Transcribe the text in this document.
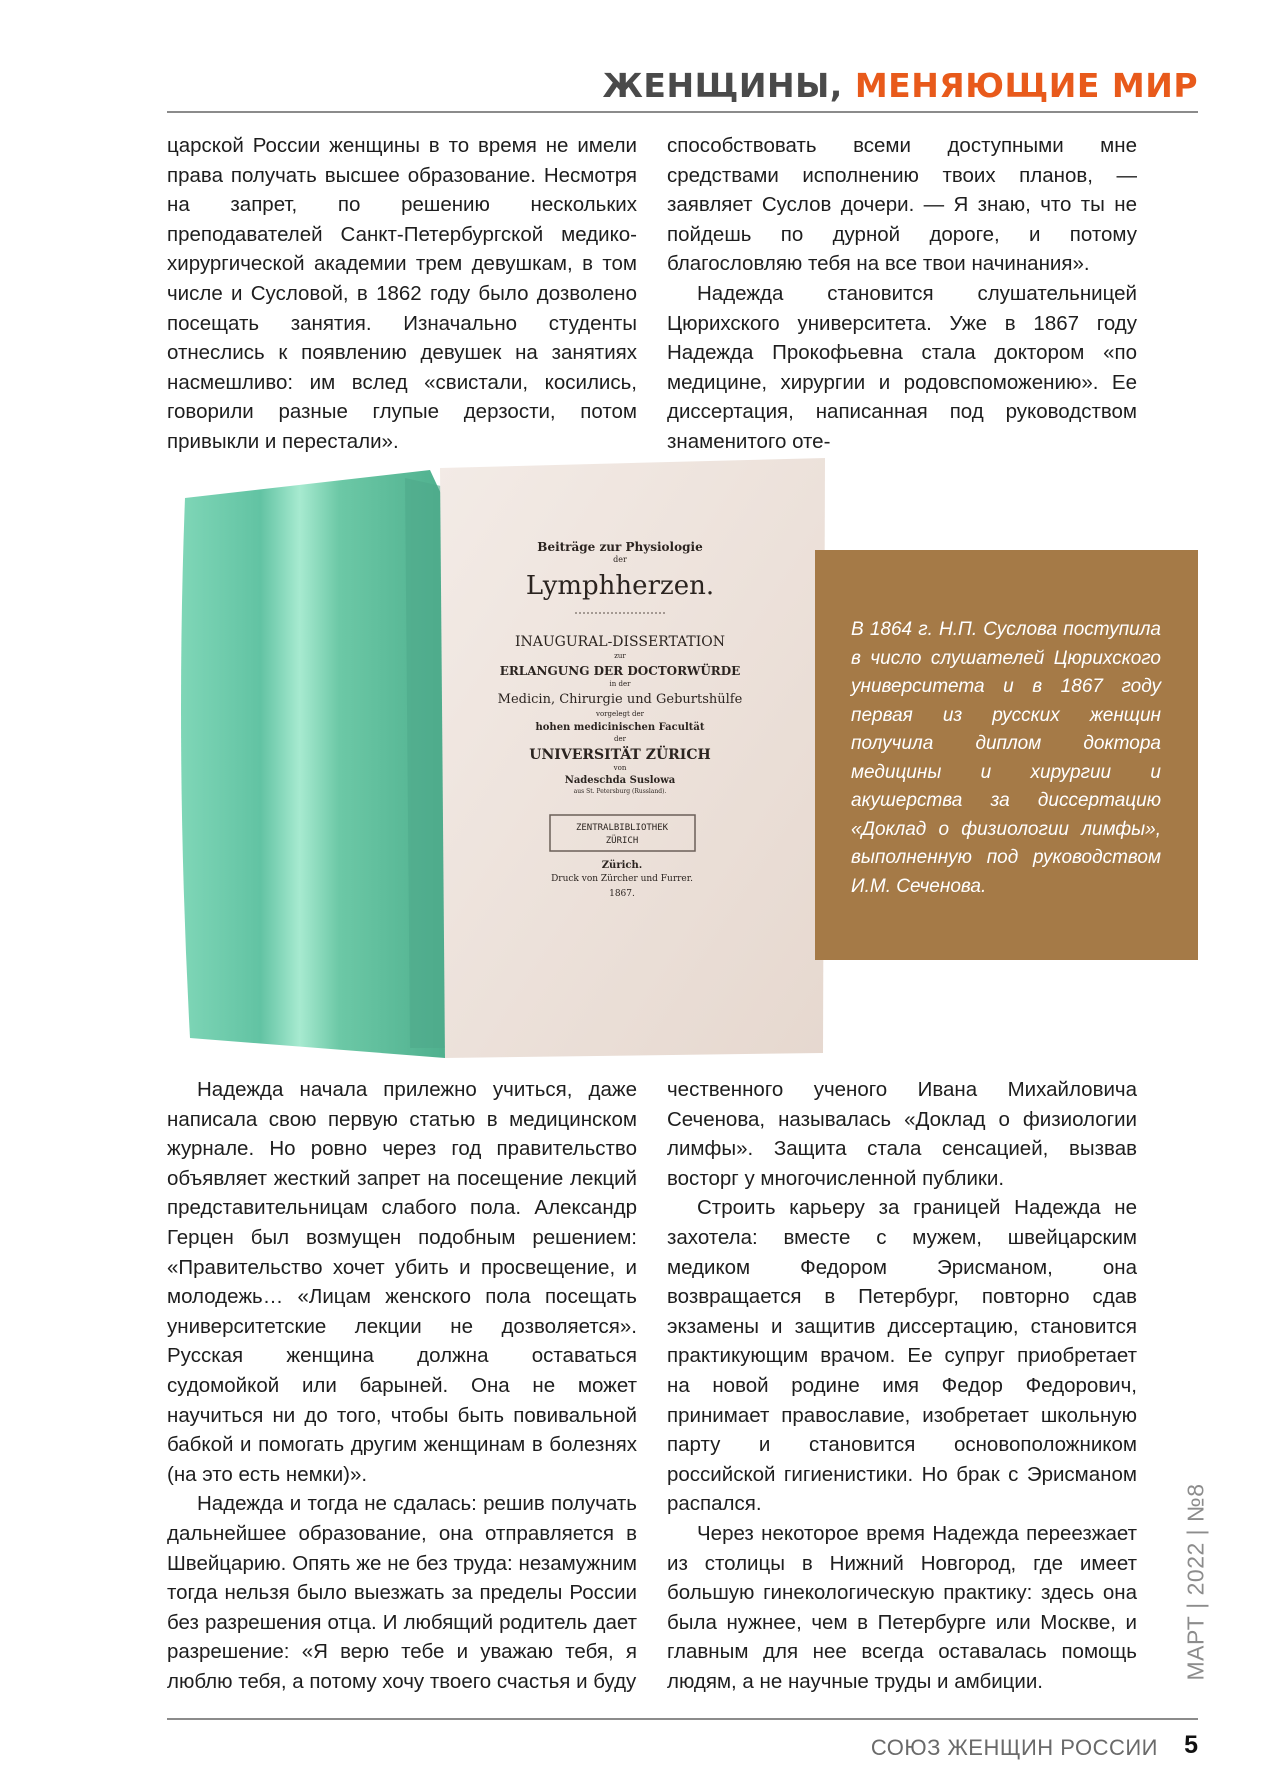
ЖЕНЩИНЫ, МЕНЯЮЩИЕ МИР

царской России женщины в то время не имели права получать высшее образование. Несмотря на запрет, по решению нескольких преподавателей Санкт-Петербургской медико-хирургической академии трем девушкам, в том числе и Сусловой, в 1862 году было дозволено посещать занятия. Изначально студенты отнеслись к появлению девушек на занятиях насмешливо: им вслед «свистали, косились, говорили разные глупые дерзости, потом привыкли и перестали».

способствовать всеми доступными мне средствами исполнению твоих планов, — заявляет Суслов дочери. — Я знаю, что ты не пойдешь по дурной дороге, и потому благословляю тебя на все твои начинания».

Надежда становится слушательницей Цюрихского университета. Уже в 1867 году Надежда Прокофьевна стала доктором «по медицине, хирургии и родовспоможению». Ее диссертация, написанная под руководством знаменитого оте-

Beiträge zur Physiologie
der
Lymphherzen.
INAUGURAL-DISSERTATION
zur
ERLANGUNG DER DOCTORWÜRDE
in der
Medicin, Chirurgie und Geburtshülfe
vorgelegt der
hohen medicinischen Facultät
der
UNIVERSITÄT ZÜRICH
von
Nadeschda Suslowa
aus St. Petersburg (Russland).
ZENTRALBIBLIOTHEK
ZÜRICH
Zürich.
Druck von Zürcher und Furrer.
1867.
В 1864 г. Н.П. Суслова поступила в число слушателей Цюрихского университета и в 1867 году первая из русских женщин получила диплом доктора медицины и хирургии и акушерства за диссертацию «Доклад о физиологии лимфы», выполненную под руководством И.М. Сеченова.

Надежда начала прилежно учиться, даже написала свою первую статью в медицинском журнале. Но ровно через год правительство объявляет жесткий запрет на посещение лекций представительницам слабого пола. Александр Герцен был возмущен подобным решением: «Правительство хочет убить и просвещение, и молодежь… «Лицам женского пола посещать университетские лекции не дозволяется». Русская женщина должна оставаться судомойкой или барыней. Она не может научиться ни до того, чтобы быть повивальной бабкой и помогать другим женщинам в болезнях (на это есть немки)».

Надежда и тогда не сдалась: решив получать дальнейшее образование, она отправляется в Швейцарию. Опять же не без труда: незамужним тогда нельзя было выезжать за пределы России без разрешения отца. И любящий родитель дает разрешение: «Я верю тебе и уважаю тебя, я люблю тебя, а потому хочу твоего счастья и буду

чественного ученого Ивана Михайловича Сеченова, называлась «Доклад о физиологии лимфы». Защита стала сенсацией, вызвав восторг у многочисленной публики.

Строить карьеру за границей Надежда не захотела: вместе с мужем, швейцарским медиком Федором Эрисманом, она возвращается в Петербург, повторно сдав экзамены и защитив диссертацию, становится практикующим врачом. Ее супруг приобретает на новой родине имя Федор Федорович, принимает православие, изобретает школьную парту и становится основоположником российской гигиенистики. Но брак с Эрисманом распался.

Через некоторое время Надежда переезжает из столицы в Нижний Новгород, где имеет большую гинекологическую практику: здесь она была нужнее, чем в Петербурге или Москве, и главным для нее всегда оставалась помощь людям, а не научные труды и амбиции.

МАРТ | 2022 | №8
СОЮЗ ЖЕНЩИН РОССИИ 5
